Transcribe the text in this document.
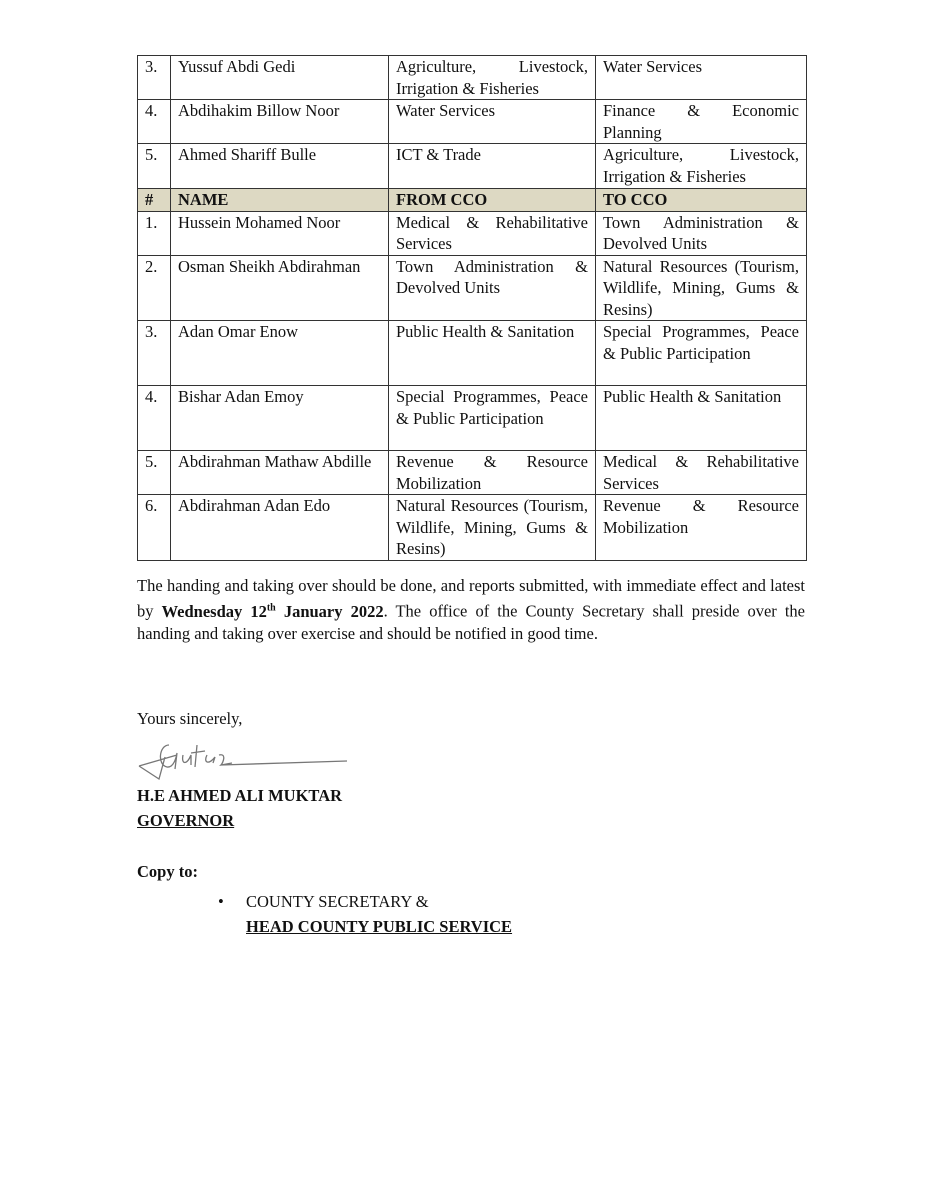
3.	Yussuf Abdi Gedi	Agriculture, Livestock, Irrigation & Fisheries	Water Services
4.	Abdihakim Billow Noor	Water Services	Finance & Economic Planning
5.	Ahmed Shariff Bulle	ICT & Trade	Agriculture, Livestock, Irrigation & Fisheries
#	NAME	FROM CCO	TO CCO
1.	Hussein Mohamed Noor	Medical & Rehabilitative Services	Town Administration & Devolved Units
2.	Osman Sheikh Abdirahman	Town Administration & Devolved Units	Natural Resources (Tourism, Wildlife, Mining, Gums & Resins)
3.	Adan Omar Enow	Public Health & Sanitation	Special Programmes, Peace & Public Participation
4.	Bishar Adan Emoy	Special Programmes, Peace & Public Participation	Public Health & Sanitation
5.	Abdirahman Mathaw Abdille	Revenue & Resource Mobilization	Medical & Rehabilitative Services
6.	Abdirahman Adan Edo	Natural Resources (Tourism, Wildlife, Mining, Gums & Resins)	Revenue & Resource Mobilization
The handing and taking over should be done, and reports submitted, with immediate effect and latest by Wednesday 12th January 2022. The office of the County Secretary shall preside over the handing and taking over exercise and should be notified in good time.
Yours sincerely,
H.E AHMED ALI MUKTAR
GOVERNOR
Copy to:
• COUNTY SECRETARY &
HEAD COUNTY PUBLIC SERVICE
